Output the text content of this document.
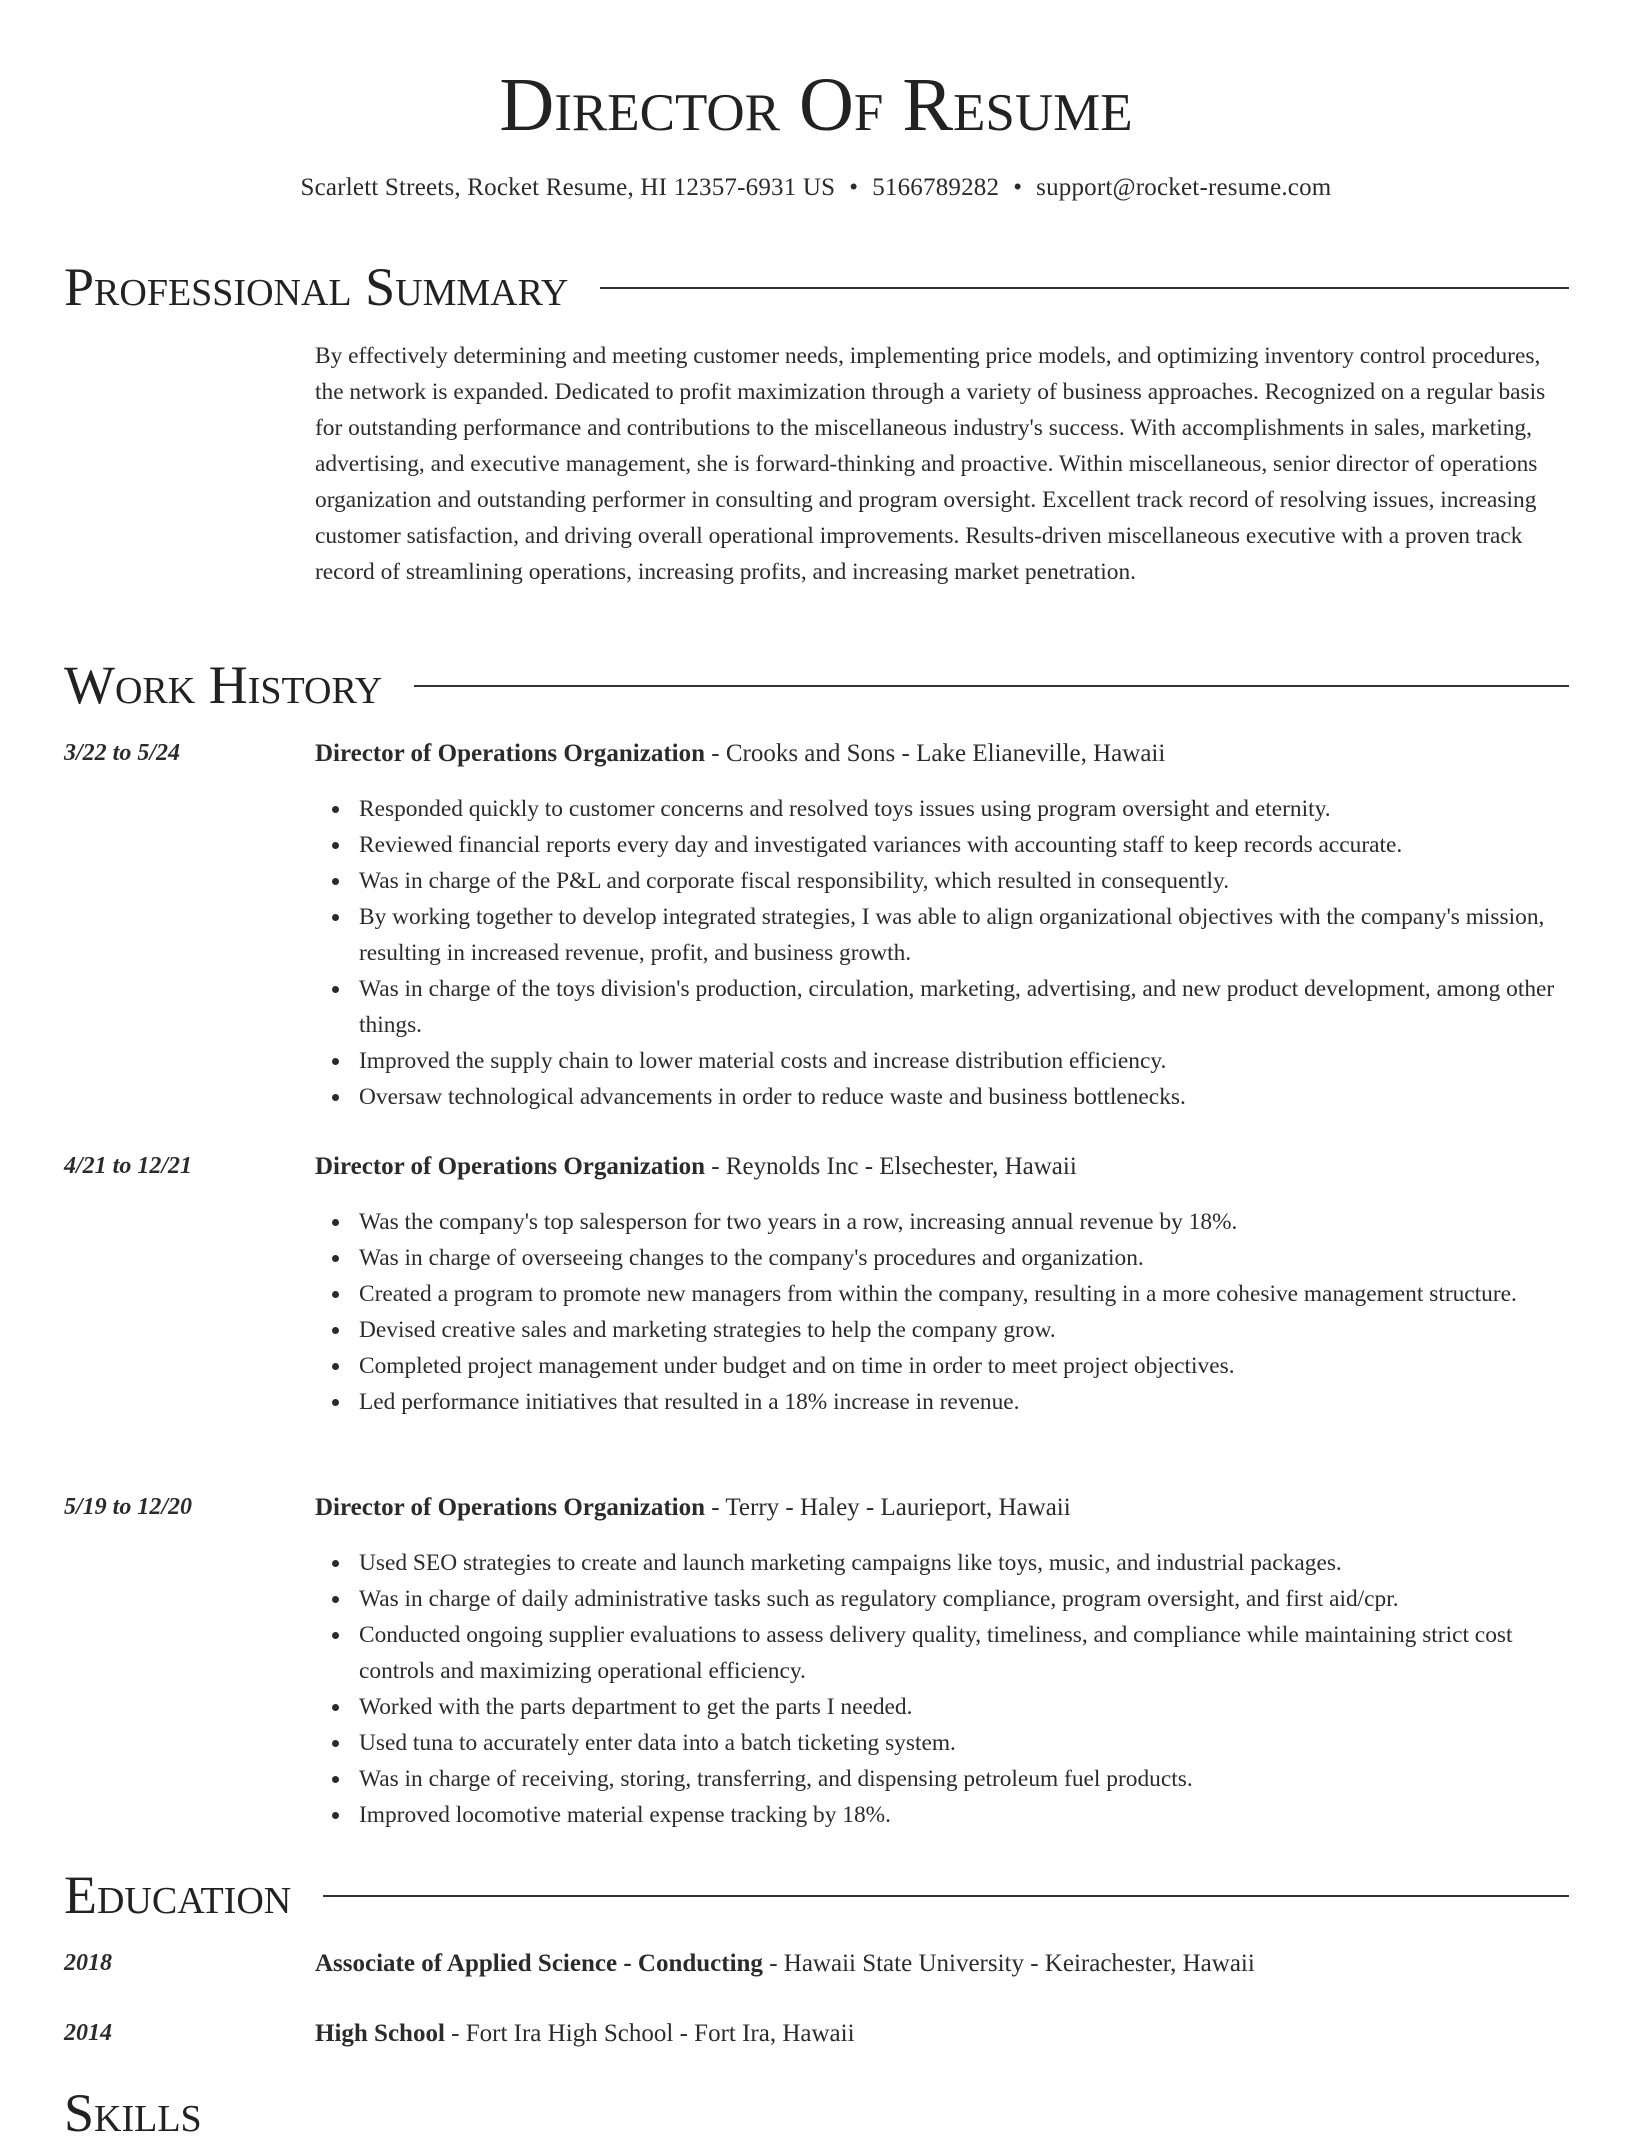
Director Of Resume
Scarlett Streets, Rocket Resume, HI 12357-6931 US • 5166789282 • support@rocket-resume.com
Professional Summary
By effectively determining and meeting customer needs, implementing price models, and optimizing inventory control procedures, the network is expanded. Dedicated to profit maximization through a variety of business approaches. Recognized on a regular basis for outstanding performance and contributions to the miscellaneous industry's success. With accomplishments in sales, marketing, advertising, and executive management, she is forward-thinking and proactive. Within miscellaneous, senior director of operations organization and outstanding performer in consulting and program oversight. Excellent track record of resolving issues, increasing customer satisfaction, and driving overall operational improvements. Results-driven miscellaneous executive with a proven track record of streamlining operations, increasing profits, and increasing market penetration.
Work History
3/22 to 5/24	Director of Operations Organization - Crooks and Sons - Lake Elianeville, Hawaii
Responded quickly to customer concerns and resolved toys issues using program oversight and eternity.
Reviewed financial reports every day and investigated variances with accounting staff to keep records accurate.
Was in charge of the P&L and corporate fiscal responsibility, which resulted in consequently.
By working together to develop integrated strategies, I was able to align organizational objectives with the company's mission, resulting in increased revenue, profit, and business growth.
Was in charge of the toys division's production, circulation, marketing, advertising, and new product development, among other things.
Improved the supply chain to lower material costs and increase distribution efficiency.
Oversaw technological advancements in order to reduce waste and business bottlenecks.
4/21 to 12/21	Director of Operations Organization - Reynolds Inc - Elsechester, Hawaii
Was the company's top salesperson for two years in a row, increasing annual revenue by 18%.
Was in charge of overseeing changes to the company's procedures and organization.
Created a program to promote new managers from within the company, resulting in a more cohesive management structure.
Devised creative sales and marketing strategies to help the company grow.
Completed project management under budget and on time in order to meet project objectives.
Led performance initiatives that resulted in a 18% increase in revenue.
5/19 to 12/20	Director of Operations Organization - Terry - Haley - Laurieport, Hawaii
Used SEO strategies to create and launch marketing campaigns like toys, music, and industrial packages.
Was in charge of daily administrative tasks such as regulatory compliance, program oversight, and first aid/cpr.
Conducted ongoing supplier evaluations to assess delivery quality, timeliness, and compliance while maintaining strict cost controls and maximizing operational efficiency.
Worked with the parts department to get the parts I needed.
Used tuna to accurately enter data into a batch ticketing system.
Was in charge of receiving, storing, transferring, and dispensing petroleum fuel products.
Improved locomotive material expense tracking by 18%.
Education
2018	Associate of Applied Science - Conducting - Hawaii State University - Keirachester, Hawaii
2014	High School - Fort Ira High School - Fort Ira, Hawaii
Skills
